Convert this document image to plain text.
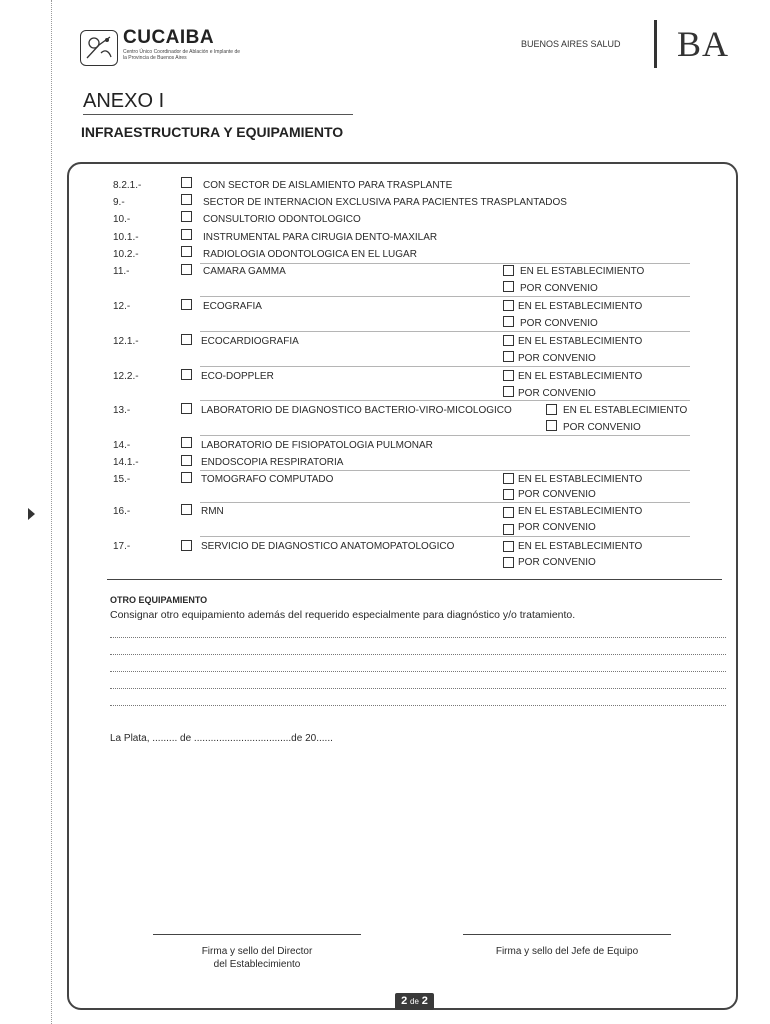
CUCAIBA
Centro Único Coordinador de Ablación e Implante de la Provincia de Buenos Aires
BUENOS AIRES SALUD BA
ANEXO I
INFRAESTRUCTURA Y EQUIPAMIENTO
8.2.1.-	CON SECTOR DE AISLAMIENTO PARA TRASPLANTE
9.-	SECTOR DE INTERNACION EXCLUSIVA PARA PACIENTES TRASPLANTADOS
10.-	CONSULTORIO ODONTOLOGICO
10.1.-	INSTRUMENTAL PARA CIRUGIA DENTO-MAXILAR
10.2.-	RADIOLOGIA ODONTOLOGICA EN EL LUGAR
11.-	CAMARA GAMMA	EN EL ESTABLECIMIENTO
POR CONVENIO
12.-	ECOGRAFIA	EN EL ESTABLECIMIENTO
POR CONVENIO
12.1.-	ECOCARDIOGRAFIA	EN EL ESTABLECIMIENTO
POR CONVENIO
12.2.-	ECO-DOPPLER	EN EL ESTABLECIMIENTO
POR CONVENIO
13.-	LABORATORIO DE DIAGNOSTICO BACTERIO-VIRO-MICOLOGICO	EN EL ESTABLECIMIENTO
POR CONVENIO
14.-	LABORATORIO DE FISIOPATOLOGIA PULMONAR
14.1.-	ENDOSCOPIA RESPIRATORIA
15.-	TOMOGRAFO COMPUTADO	EN EL ESTABLECIMIENTO
POR CONVENIO
16.-	RMN	EN EL ESTABLECIMIENTO
POR CONVENIO
17.-	SERVICIO DE DIAGNOSTICO ANATOMOPATOLOGICO	EN EL ESTABLECIMIENTO
POR CONVENIO
OTRO EQUIPAMIENTO
Consignar otro equipamiento además del requerido especialmente para diagnóstico y/o tratamiento.
La Plata, ......... de ...................................de 20......
Firma y sello del Director
del Establecimiento
Firma y sello del Jefe de Equipo
2 de 2
